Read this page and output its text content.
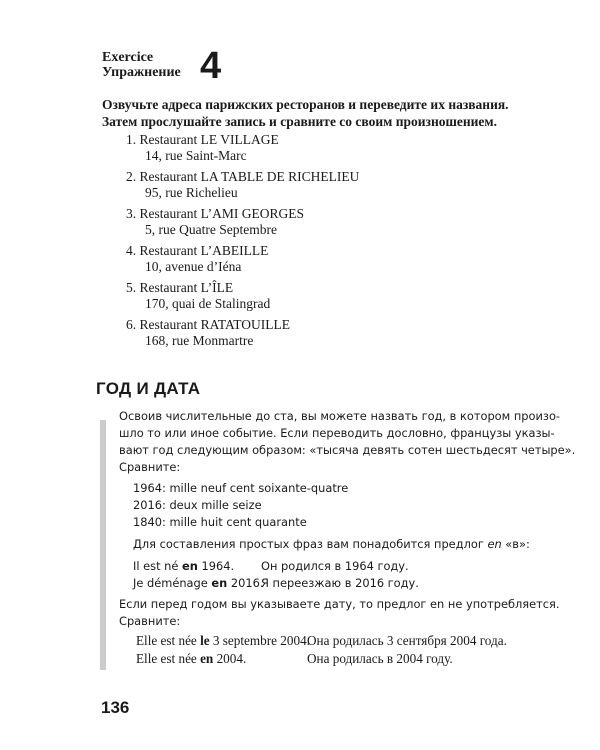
Exercice
Упражнение 4
Озвучьте адреса парижских ресторанов и переведите их названия.
Затем прослушайте запись и сравните со своим произношением.
1. Restaurant LE VILLAGE
14, rue Saint-Marc
2. Restaurant LA TABLE DE RICHELIEU
95, rue Richelieu
3. Restaurant L’AMI GEORGES
5, rue Quatre Septembre
4. Restaurant L’ABEILLE
10, avenue d’Iéna
5. Restaurant L’ÎLE
170, quai de Stalingrad
6. Restaurant RATATOUILLE
168, rue Monmartre
ГОД И ДАТА
Освоив числительные до ста, вы можете назвать год, в котором произо-
шло то или иное событие. Если переводить дословно, французы указы-
вают год следующим образом: «тысяча девять сотен шестьдесят четыре».
Сравните:
1964: mille neuf cent soixante-quatre
2016: deux mille seize
1840: mille huit cent quarante
Для составления простых фраз вам понадобится предлог en «в»:
Il est né en 1964. Он родился в 1964 году.
Je déménage en 2016.
Я переезжаю в 2016 году.
Если перед годом вы указываете дату, то предлог en не употребляется.
Сравните:
Elle est née le 3 septembre 2004.
Она родилась 3 сентября 2004 года.
Elle est née en 2004.	Она родилась в 2004 году.
136
